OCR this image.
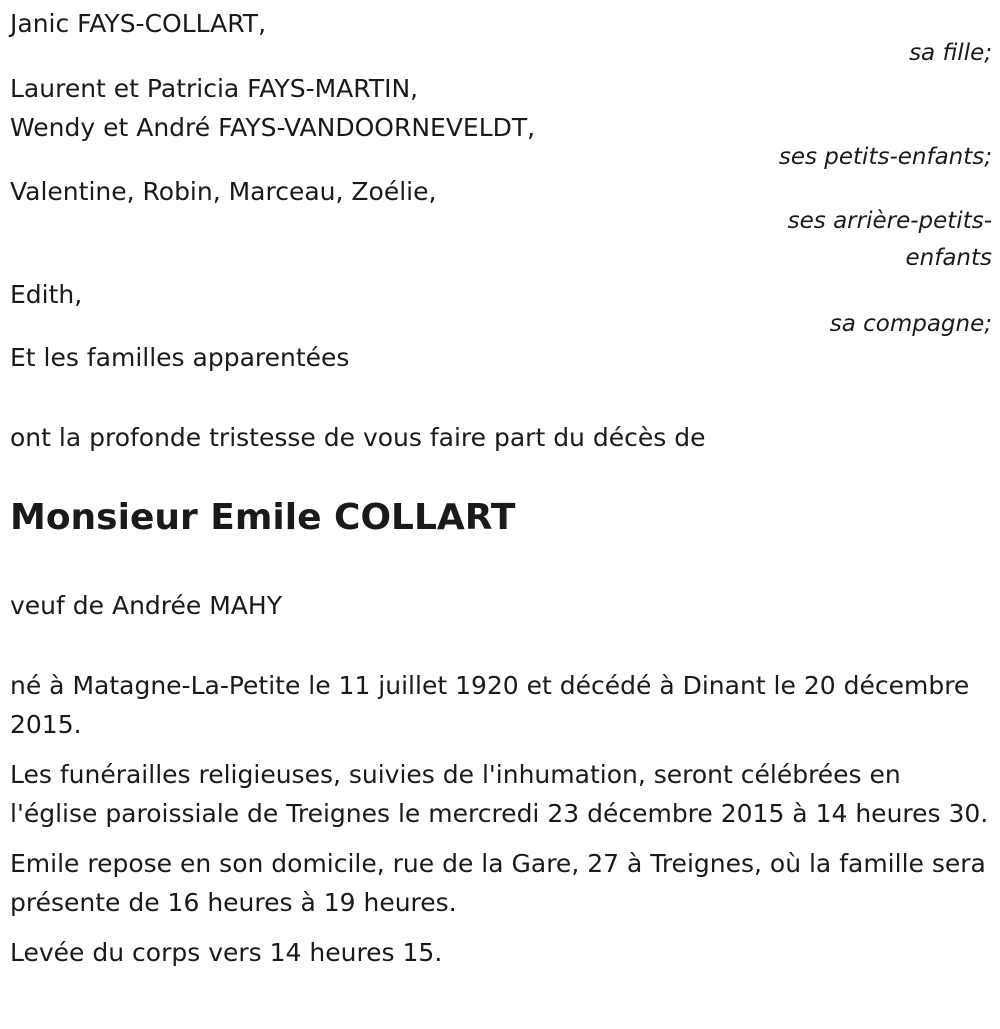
Janic FAYS-COLLART,

sa fille;

Laurent et Patricia FAYS-MARTIN,

Wendy et André FAYS-VANDOORNEVELDT,

ses petits-enfants;

Valentine, Robin, Marceau, Zoélie,

ses arrière-petits-enfants

Edith,

sa compagne;

Et les familles apparentées

ont la profonde tristesse de vous faire part du décès de

Monsieur Emile COLLART

veuf de Andrée MAHY

né à Matagne-La-Petite le 11 juillet 1920 et décédé à Dinant le 20 décembre 2015.

Les funérailles religieuses, suivies de l'inhumation, seront célébrées en l'église paroissiale de Treignes le mercredi 23 décembre 2015 à 14 heures 30.

Emile repose en son domicile, rue de la Gare, 27 à Treignes, où la famille sera présente de 16 heures à 19 heures.

Levée du corps vers 14 heures 15.
